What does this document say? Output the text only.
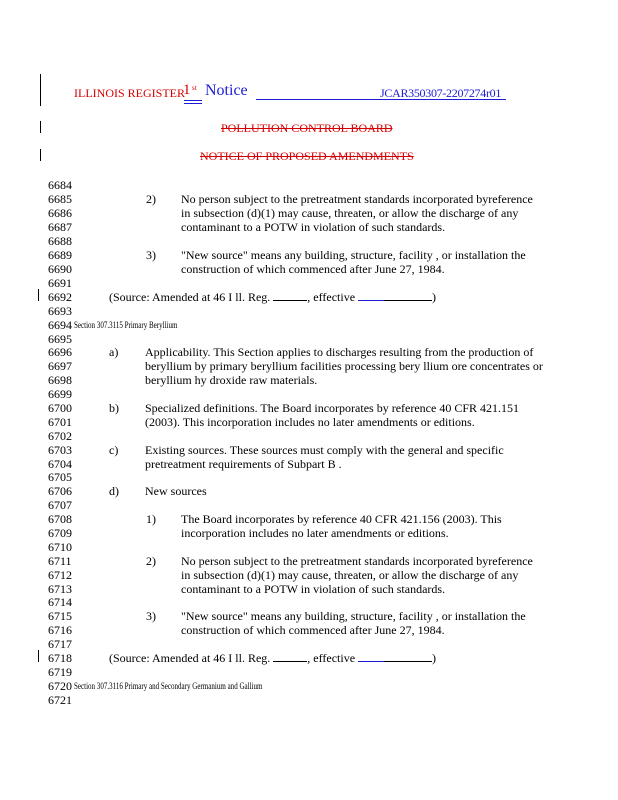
ILLINOIS REGISTER
1 st Notice	JCAR350307-2207274r01
POLLUTION CONTROL BOARD
NOTICE OF PROPOSED AMENDMENTS
6684
6685
6686
6687
6688
6689
6690
6691
6692
6693
6694
6695
6696
6697
6698
6699
6700
6701
6702
6703
6704
6705
6706
6707
6708
6709
6710
6711
6712
6713
6714
6715
6716
6717
6718
6719
6720
6721
2) No person subject to the pretreatment standards incorporated byreference
in subsection (d)(1) may cause, threaten, or allow the discharge of any
contaminant to a POTW in violation of such standards.
3) "New source" means any building, structure, facility , or installation the
construction of which commenced after June 27, 1984.
(Source: Amended at 46 I ll. Reg.	, effective	)
Section 307.3115 Primary Beryllium
a) Applicability. This Section applies to discharges resulting from the production of
beryllium by primary beryllium facilities processing bery llium ore concentrates or
beryllium hy droxide raw materials.
b) Specialized definitions. The Board incorporates by reference 40 CFR 421.151
(2003). This incorporation includes no later amendments or editions.
c) Existing sources. These sources must comply with the general and specific
pretreatment requirements of Subpart B .
d) New sources
1) The Board incorporates by reference 40 CFR 421.156 (2003). This
incorporation includes no later amendments or editions.
2) No person subject to the pretreatment standards incorporated byreference
in subsection (d)(1) may cause, threaten, or allow the discharge of any
contaminant to a POTW in violation of such standards.
3) "New source" means any building, structure, facility , or installation the
construction of which commenced after June 27, 1984.
(Source: Amended at 46 I ll. Reg.	, effective	)
Section 307.3116 Primary and Secondary Germanium and Gallium
